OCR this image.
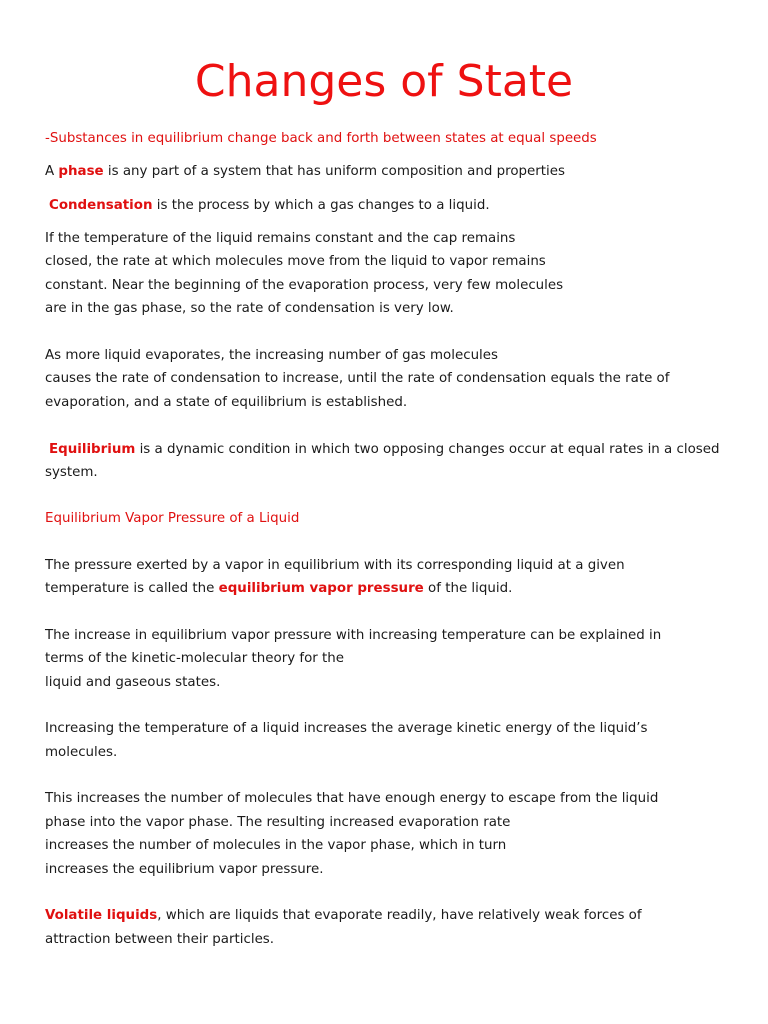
Changes of State
-Substances in equilibrium change back and forth between states at equal speeds
A phase is any part of a system that has uniform composition and properties
Condensation is the process by which a gas changes to a liquid.
If the temperature of the liquid remains constant and the cap remains
closed, the rate at which molecules move from the liquid to vapor remains
constant. Near the beginning of the evaporation process, very few molecules
are in the gas phase, so the rate of condensation is very low.
As more liquid evaporates, the increasing number of gas molecules
causes the rate of condensation to increase, until the rate of condensation equals the rate of
evaporation, and a state of equilibrium is established.
Equilibrium is a dynamic condition in which two opposing changes occur at equal rates in a closed
system.
Equilibrium Vapor Pressure of a Liquid
The pressure exerted by a vapor in equilibrium with its corresponding liquid at a given
temperature is called the equilibrium vapor pressure of the liquid.
The increase in equilibrium vapor pressure with increasing temperature can be explained in
terms of the kinetic-molecular theory for the
liquid and gaseous states.
Increasing the temperature of a liquid increases the average kinetic energy of the liquid’s
molecules.
This increases the number of molecules that have enough energy to escape from the liquid
phase into the vapor phase. The resulting increased evaporation rate
increases the number of molecules in the vapor phase, which in turn
increases the equilibrium vapor pressure.
Volatile liquids, which are liquids that evaporate readily, have relatively weak forces of
attraction between their particles.
